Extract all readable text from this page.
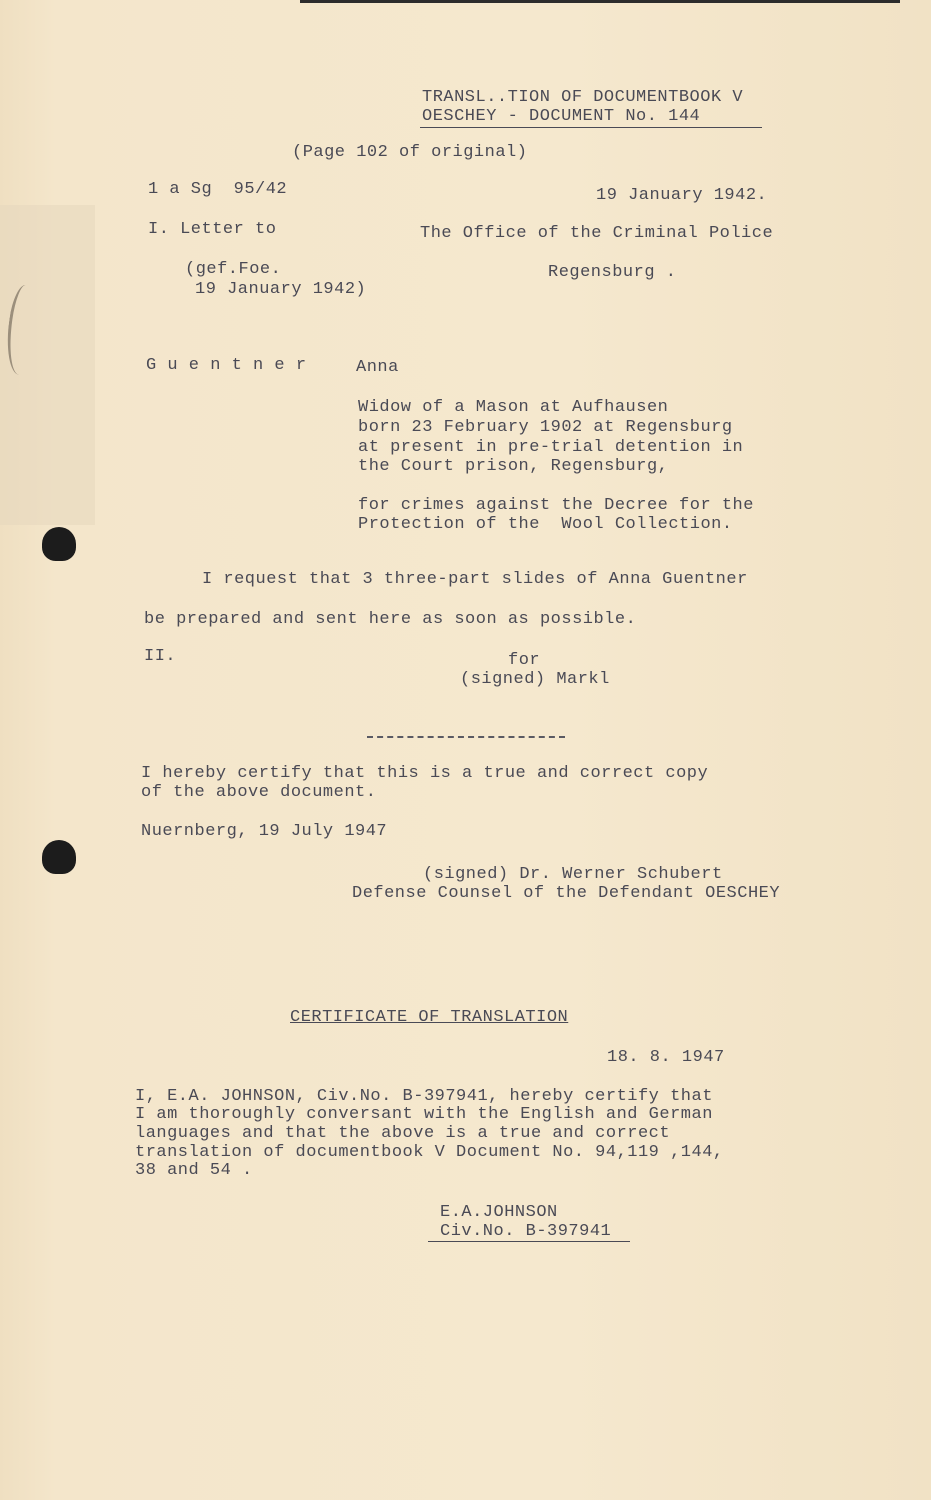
TRANSL..TION OF DOCUMENTBOOK V
OESCHEY - DOCUMENT No. 144
(Page 102 of original)
1 a Sg  95/42	19 January 1942.
I. Letter to	The Office of the Criminal Police
Regensburg .
(gef.Foe.
19 January 1942)
G u e n t n e r	Anna
Widow of a Mason at Aufhausen
born 23 February 1902 at Regensburg
at present in pre-trial detention in
the Court prison, Regensburg,
for crimes against the Decree for the
Protection of the  Wool Collection.
I request that 3 three-part slides of Anna Guentner
be prepared and sent here as soon as possible.
II.	for
(signed) Markl
I hereby certify that this is a true and correct copy
of the above document.
Nuernberg, 19 July 1947
(signed) Dr. Werner Schubert
Defense Counsel of the Defendant OESCHEY
CERTIFICATE OF TRANSLATION
18. 8. 1947
I, E.A. JOHNSON, Civ.No. B-397941, hereby certify that
I am thoroughly conversant with the English and German
languages and that the above is a true and correct
translation of documentbook V Document No. 94,119 ,144,
38 and 54 .
E.A.JOHNSON
Civ.No. B-397941
